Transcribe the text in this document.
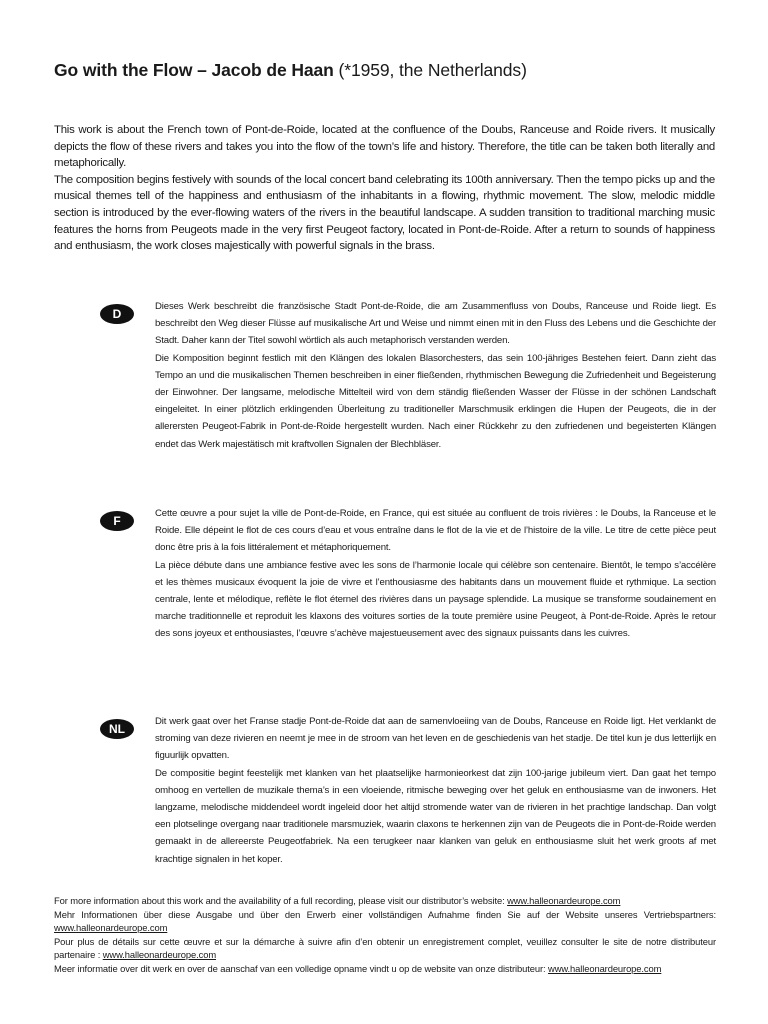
Go with the Flow – Jacob de Haan (*1959, the Netherlands)

This work is about the French town of Pont-de-Roide, located at the confluence of the Doubs, Ranceuse and Roide rivers. It musically depicts the flow of these rivers and takes you into the flow of the town’s life and history. Therefore, the title can be taken both literally and metaphorically.

The composition begins festively with sounds of the local concert band celebrating its 100th anniversary. Then the tempo picks up and the musical themes tell of the happiness and enthusiasm of the inhabitants in a flowing, rhythmic movement. The slow, melodic middle section is introduced by the ever-flowing waters of the rivers in the beautiful landscape. A sudden transition to traditional marching music features the horns from Peugeots made in the very first Peugeot factory, located in Pont-de-Roide. After a return to sounds of happiness and enthusiasm, the work closes majestically with powerful signals in the brass.

D

Dieses Werk beschreibt die französische Stadt Pont-de-Roide, die am Zusammenfluss von Doubs, Ranceuse und Roide liegt. Es beschreibt den Weg dieser Flüsse auf musikalische Art und Weise und nimmt einen mit in den Fluss des Lebens und die Geschichte der Stadt. Daher kann der Titel sowohl wörtlich als auch metaphorisch verstanden werden.

Die Komposition beginnt festlich mit den Klängen des lokalen Blasorchesters, das sein 100-jähriges Bestehen feiert. Dann zieht das Tempo an und die musikalischen Themen beschreiben in einer fließenden, rhythmischen Bewegung die Zufriedenheit und Begeisterung der Einwohner. Der langsame, melodische Mittelteil wird von dem ständig fließenden Wasser der Flüsse in der schönen Landschaft eingeleitet. In einer plötzlich erklingenden Überleitung zu traditioneller Marschmusik erklingen die Hupen der Peugeots, die in der allerersten Peugeot-Fabrik in Pont-de-Roide hergestellt wurden. Nach einer Rückkehr zu den zufriedenen und begeisterten Klängen endet das Werk majestätisch mit kraftvollen Signalen der Blechbläser.

F

Cette œuvre a pour sujet la ville de Pont-de-Roide, en France, qui est située au confluent de trois rivières : le Doubs, la Ranceuse et le Roide. Elle dépeint le flot de ces cours d’eau et vous entraîne dans le flot de la vie et de l’histoire de la ville. Le titre de cette pièce peut donc être pris à la fois littéralement et métaphoriquement.

La pièce débute dans une ambiance festive avec les sons de l’harmonie locale qui célèbre son centenaire. Bientôt, le tempo s’accélère et les thèmes musicaux évoquent la joie de vivre et l’enthousiasme des habitants dans un mouvement fluide et rythmique. La section centrale, lente et mélodique, reflète le flot éternel des rivières dans un paysage splendide. La musique se transforme soudainement en marche traditionnelle et reproduit les klaxons des voitures sorties de la toute première usine Peugeot, à Pont-de-Roide. Après le retour des sons joyeux et enthousiastes, l’œuvre s’achève majestueusement avec des signaux puissants dans les cuivres.

NL

Dit werk gaat over het Franse stadje Pont-de-Roide dat aan de samenvloeiing van de Doubs, Ranceuse en Roide ligt. Het verklankt de stroming van deze rivieren en neemt je mee in de stroom van het leven en de geschiedenis van het stadje. De titel kun je dus letterlijk en figuurlijk opvatten.

De compositie begint feestelijk met klanken van het plaatselijke harmonieorkest dat zijn 100-jarige jubileum viert. Dan gaat het tempo omhoog en vertellen de muzikale thema’s in een vloeiende, ritmische beweging over het geluk en enthousiasme van de inwoners. Het langzame, melodische middendeel wordt ingeleid door het altijd stromende water van de rivieren in het prachtige landschap. Dan volgt een plotselinge overgang naar traditionele marsmuziek, waarin claxons te herkennen zijn van de Peugeots die in Pont-de-Roide werden gemaakt in de allereerste Peugeotfabriek. Na een terugkeer naar klanken van geluk en enthousiasme sluit het werk groots af met krachtige signalen in het koper.

For more information about this work and the availability of a full recording, please visit our distributor’s website: www.halleonardeurope.com

Mehr Informationen über diese Ausgabe und über den Erwerb einer vollständigen Aufnahme finden Sie auf der Website unseres Vertriebspartners: www.halleonardeurope.com

Pour plus de détails sur cette œuvre et sur la démarche à suivre afin d’en obtenir un enregistrement complet, veuillez consulter le site de notre distributeur partenaire : www.halleonardeurope.com

Meer informatie over dit werk en over de aanschaf van een volledige opname vindt u op de website van onze distributeur: www.halleonardeurope.com
